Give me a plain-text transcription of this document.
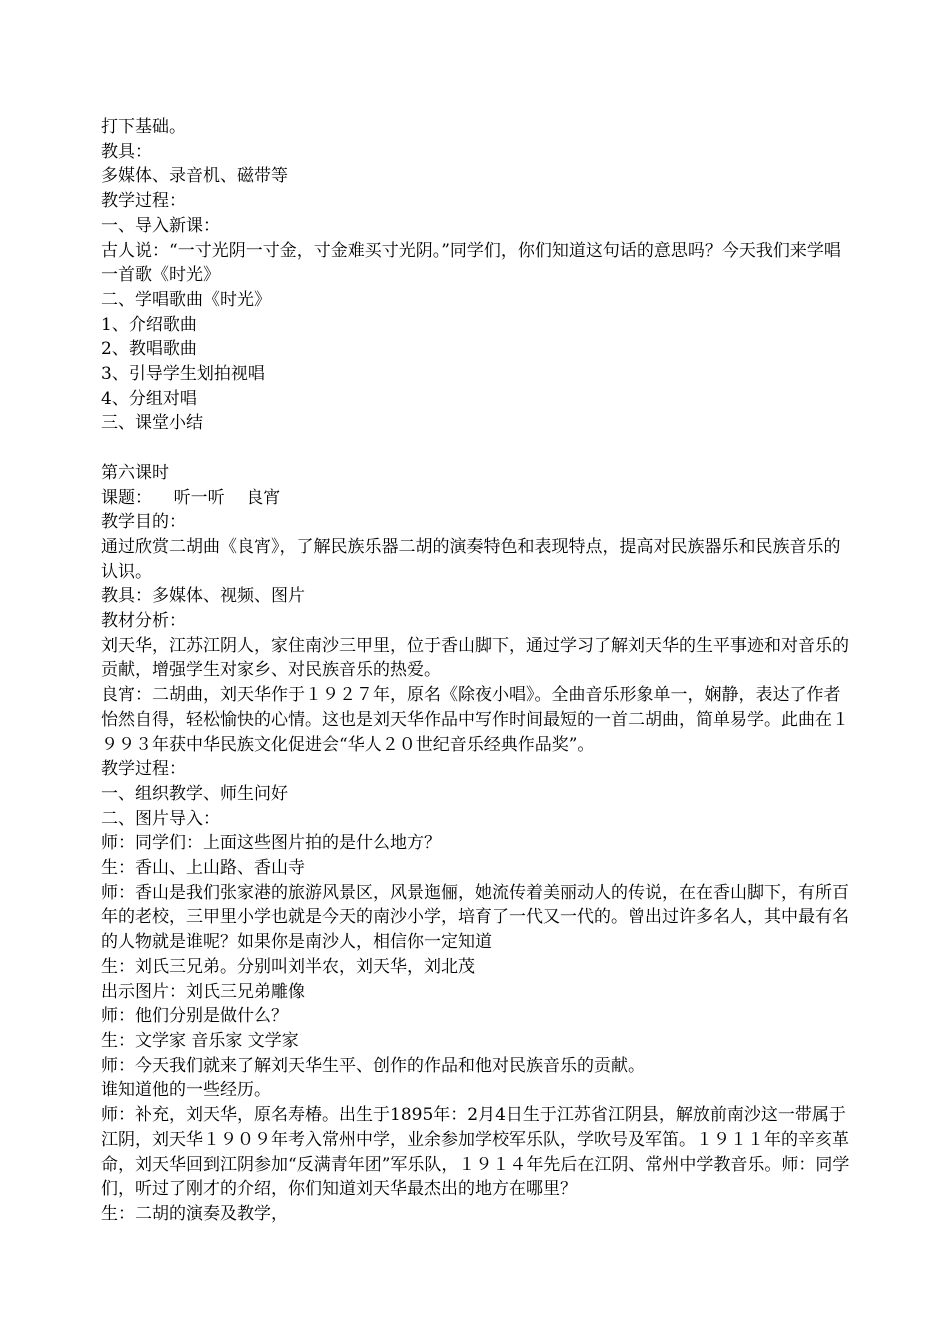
打下基础。

教具：

多媒体、录音机、磁带等

教学过程：

一、导入新课：

古人说：“一寸光阴一寸金，寸金难买寸光阴。”同学们，你们知道这句话的意思吗？今天我们来学唱一首歌《时光》

二、学唱歌曲《时光》

1、介绍歌曲

2、教唱歌曲

3、引导学生划拍视唱

4、分组对唱

三、课堂小结

第六课时

课题：    听一听    良宵

教学目的：

通过欣赏二胡曲《良宵》，了解民族乐器二胡的演奏特色和表现特点，提高对民族器乐和民族音乐的认识。

教具：多媒体、视频、图片

教材分析：

刘天华，江苏江阴人，家住南沙三甲里，位于香山脚下，通过学习了解刘天华的生平事迹和对音乐的贡献，增强学生对家乡、对民族音乐的热爱。

良宵：二胡曲，刘天华作于１９２７年，原名《除夜小唱》。全曲音乐形象单一，娴静，表达了作者怡然自得，轻松愉快的心情。这也是刘天华作品中写作时间最短的一首二胡曲，简单易学。此曲在１９９３年获中华民族文化促进会“华人２０世纪音乐经典作品奖”。

教学过程：

一、组织教学、师生问好

二、图片导入：

师：同学们：上面这些图片拍的是什么地方？

生：香山、上山路、香山寺

师：香山是我们张家港的旅游风景区，风景迤俪，她流传着美丽动人的传说，在在香山脚下，有所百年的老校，三甲里小学也就是今天的南沙小学，培育了一代又一代的。曾出过许多名人，其中最有名的人物就是谁呢？如果你是南沙人，相信你一定知道

生：刘氏三兄弟。分别叫刘半农，刘天华，刘北茂

出示图片：刘氏三兄弟雕像

师：他们分别是做什么？

生：文学家 音乐家 文学家

师：今天我们就来了解刘天华生平、创作的作品和他对民族音乐的贡献。

谁知道他的一些经历。

师：补充，刘天华，原名寿椿。出生于1895年：2月4日生于江苏省江阴县，解放前南沙这一带属于江阴，刘天华１９０９年考入常州中学，业余参加学校军乐队，学吹号及军笛。１９１１年的辛亥革命，刘天华回到江阴参加“反满青年团”军乐队，１９１４年先后在江阴、常州中学教音乐。师：同学们，听过了刚才的介绍，你们知道刘天华最杰出的地方在哪里？

生：二胡的演奏及教学，
